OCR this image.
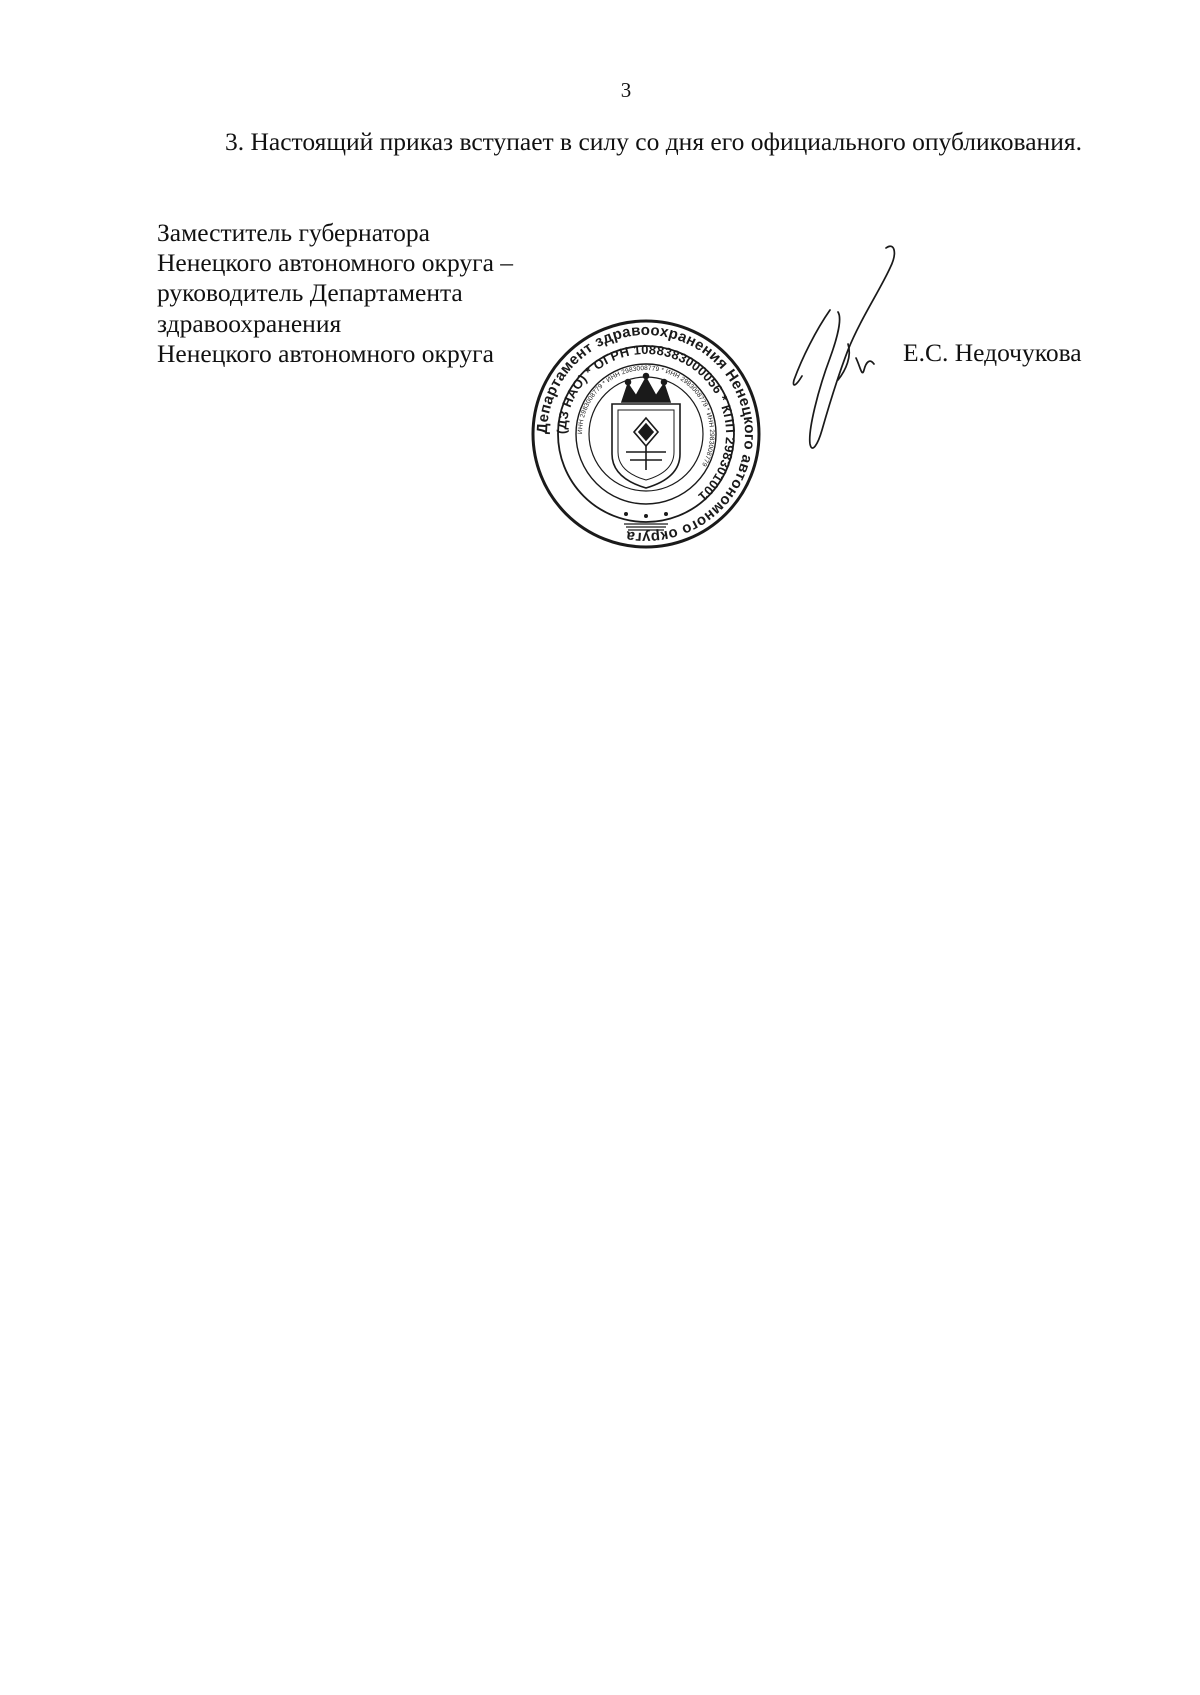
3
3. Настоящий приказ вступает в силу со дня его официального опубликования.
Заместитель губернатора
Ненецкого автономного округа –
руководитель Департамента
здравоохранения
Ненецкого автономного округа
Департамент здравоохранения Ненецкого автономного округа
(ДЗ НАО) * ОГРН 1088383000056 * КПП 298301001
ИНН 2983008779 * ИНН 2983008779 * ИНН 2983008779 * ИНН 2983008779
Е.С. Недочукова
